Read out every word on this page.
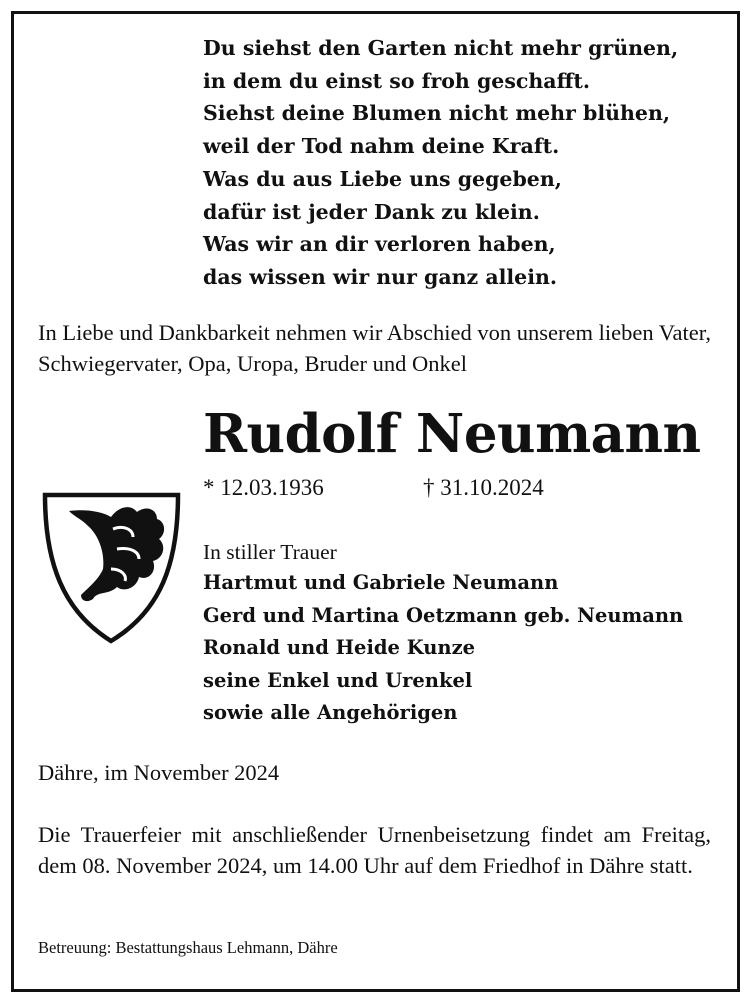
Du siehst den Garten nicht mehr grünen,
in dem du einst so froh geschafft.
Siehst deine Blumen nicht mehr blühen,
weil der Tod nahm deine Kraft.
Was du aus Liebe uns gegeben,
dafür ist jeder Dank zu klein.
Was wir an dir verloren haben,
das wissen wir nur ganz allein.
In Liebe und Dankbarkeit nehmen wir Abschied von unserem lieben Vater, Schwiegervater, Opa, Uropa, Bruder und Onkel
Rudolf Neumann
* 12.03.1936	† 31.10.2024
In stiller Trauer
Hartmut und Gabriele Neumann
Gerd und Martina Oetzmann geb. Neumann
Ronald und Heide Kunze
seine Enkel und Urenkel
sowie alle Angehörigen
Dähre, im November 2024
Die Trauerfeier mit anschließender Urnenbeisetzung findet am Freitag, dem 08. November 2024, um 14.00 Uhr auf dem Friedhof in Dähre statt.
Betreuung: Bestattungshaus Lehmann, Dähre
